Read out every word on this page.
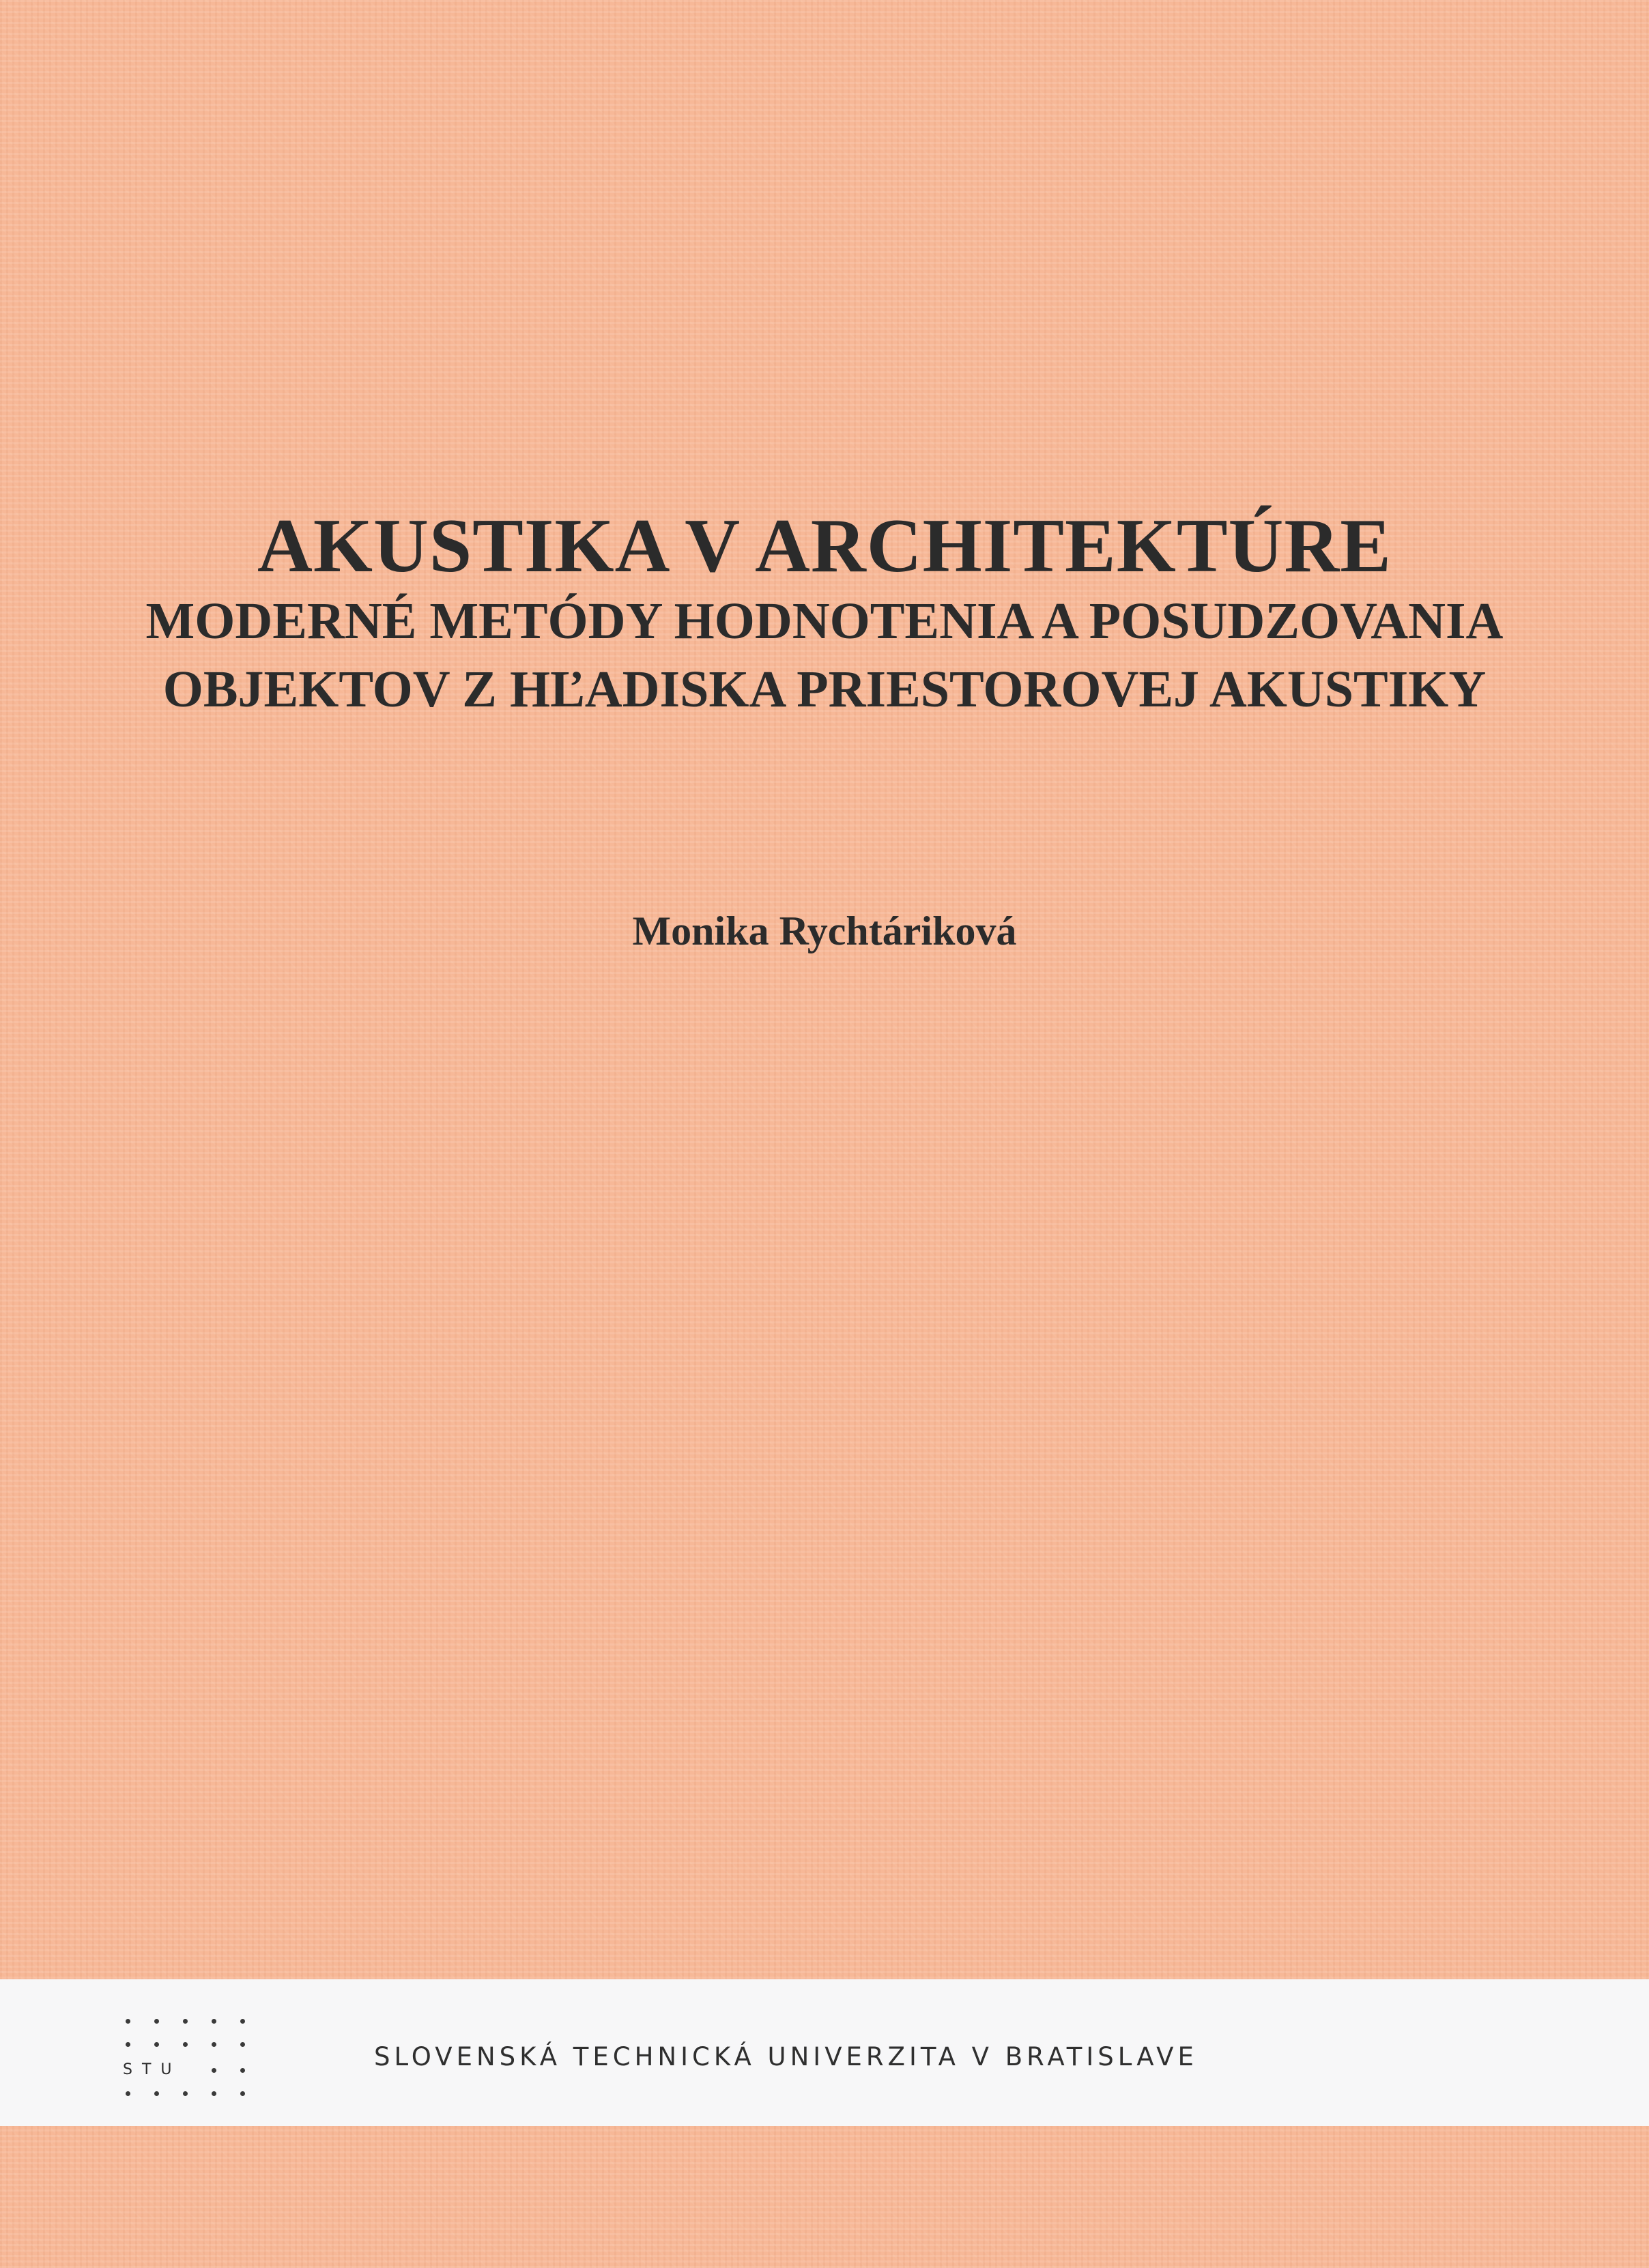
AKUSTIKA V ARCHITEKTÚRE

MODERNÉ METÓDY HODNOTENIA A POSUDZOVANIA

OBJEKTOV Z HĽADISKA PRIESTOROVEJ AKUSTIKY

Monika Rychtáriková
STU	SLOVENSKÁ TECHNICKÁ UNIVERZITA V BRATISLAVE
